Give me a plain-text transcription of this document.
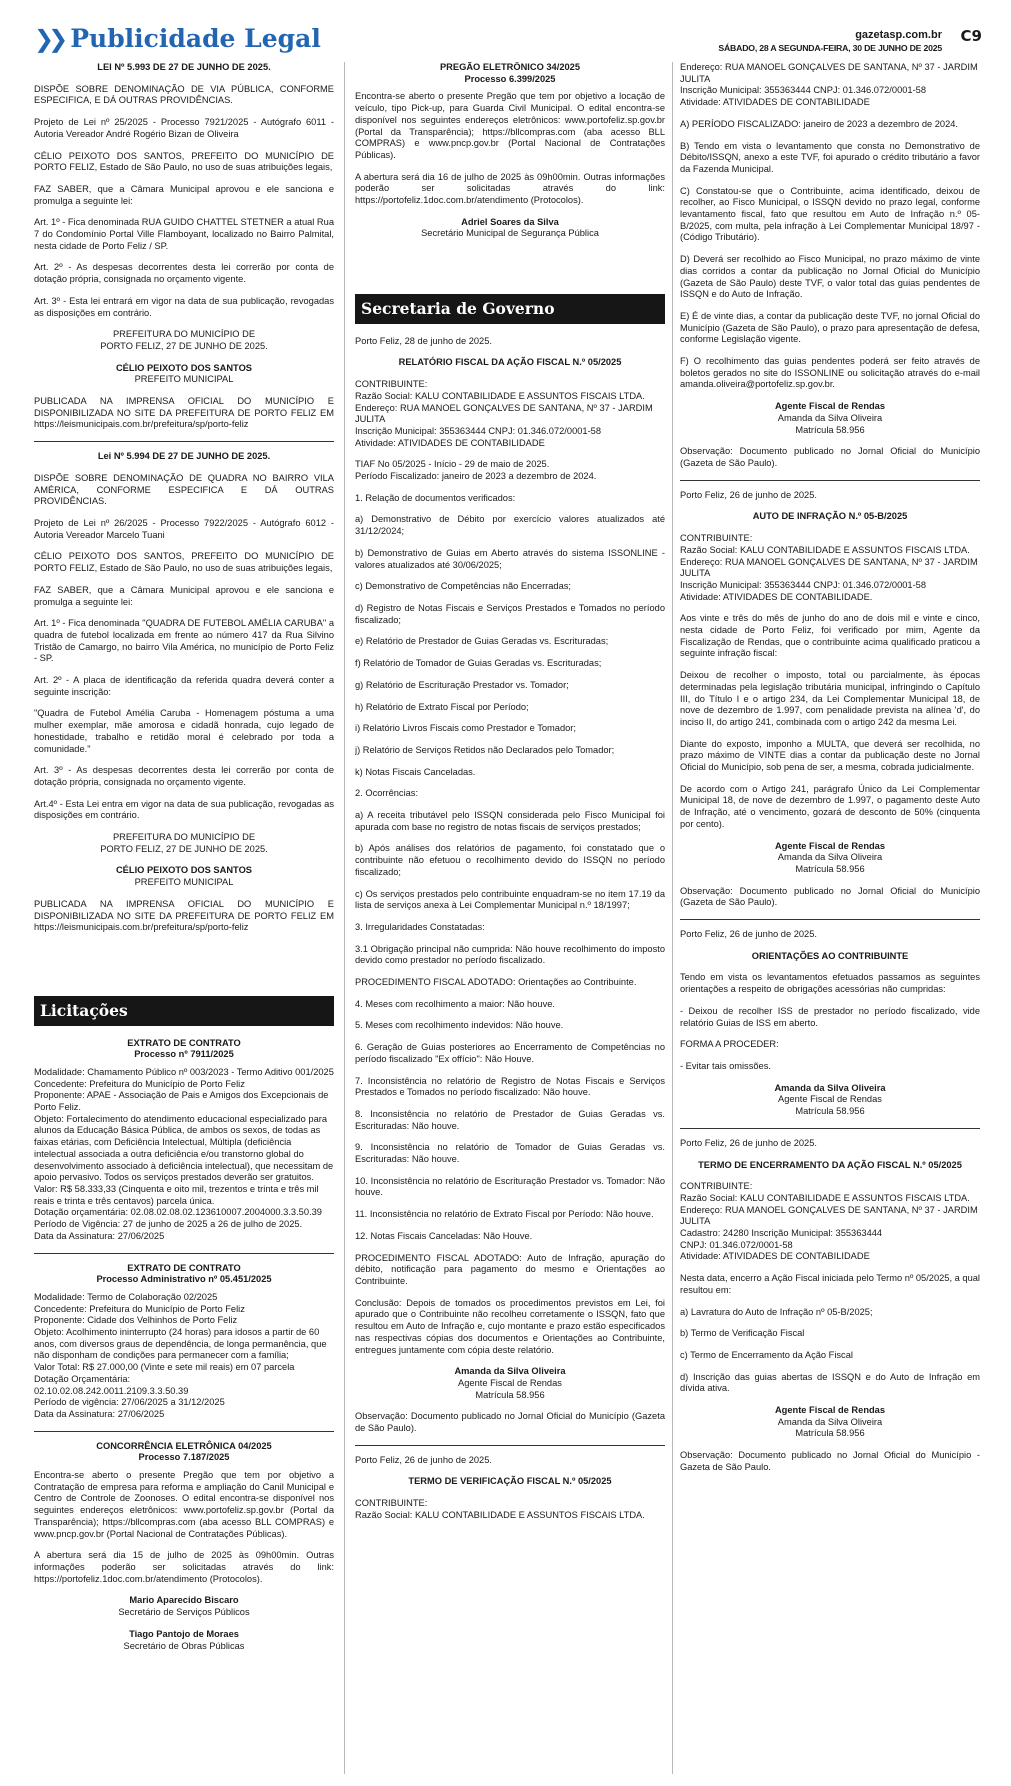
❯❯ Publicidade Legal	gazetasp.com.br
SÁBADO, 28 A SEGUNDA-FEIRA, 30 DE JUNHO DE 2025
C9
LEI Nº 5.993 DE 27 DE JUNHO DE 2025.

DISPÕE SOBRE DENOMINAÇÃO DE VIA PÚBLICA, CONFORME ESPECIFICA, E DÁ OUTRAS PROVIDÊNCIAS.

Projeto de Lei nº 25/2025 - Processo 7921/2025 - Autógrafo 6011 - Autoria Vereador André Rogério Bizan de Oliveira

CÉLIO PEIXOTO DOS SANTOS, PREFEITO DO MUNICÍPIO DE PORTO FELIZ, Estado de São Paulo, no uso de suas atribuições legais,

FAZ SABER, que a Câmara Municipal aprovou e ele sanciona e promulga a seguinte lei:

Art. 1º - Fica denominada RUA GUIDO CHATTEL STETNER a atual Rua 7 do Condomínio Portal Ville Flamboyant, localizado no Bairro Palmital, nesta cidade de Porto Feliz / SP.

Art. 2º - As despesas decorrentes desta lei correrão por conta de dotação própria, consignada no orçamento vigente.

Art. 3º - Esta lei entrará em vigor na data de sua publicação, revogadas as disposições em contrário.

PREFEITURA DO MUNICÍPIO DE
PORTO FELIZ, 27 DE JUNHO DE 2025.
CÉLIO PEIXOTO DOS SANTOS
PREFEITO MUNICIPAL

PUBLICADA NA IMPRENSA OFICIAL DO MUNICÍPIO E DISPONIBILIZADA NO SITE DA PREFEITURA DE PORTO FELIZ EM https://leismunicipais.com.br/prefeitura/sp/porto-feliz

Lei Nº 5.994 DE 27 DE JUNHO DE 2025.

DISPÕE SOBRE DENOMINAÇÃO DE QUADRA NO BAIRRO VILA AMÉRICA, CONFORME ESPECIFICA E DÁ OUTRAS PROVIDÊNCIAS.

Projeto de Lei nº 26/2025 - Processo 7922/2025 - Autógrafo 6012 - Autoria Vereador Marcelo Tuani

CÉLIO PEIXOTO DOS SANTOS, PREFEITO DO MUNICÍPIO DE PORTO FELIZ, Estado de São Paulo, no uso de suas atribuições legais,

FAZ SABER, que a Câmara Municipal aprovou e ele sanciona e promulga a seguinte lei:

Art. 1º - Fica denominada "QUADRA DE FUTEBOL AMÉLIA CARUBA" a quadra de futebol localizada em frente ao número 417 da Rua Silvino Tristão de Camargo, no bairro Vila América, no município de Porto Feliz - SP.

Art. 2º - A placa de identificação da referida quadra deverá conter a seguinte inscrição:

"Quadra de Futebol Amélia Caruba - Homenagem póstuma a uma mulher exemplar, mãe amorosa e cidadã honrada, cujo legado de honestidade, trabalho e retidão moral é celebrado por toda a comunidade."

Art. 3º - As despesas decorrentes desta lei correrão por conta de dotação própria, consignada no orçamento vigente.

Art.4º - Esta Lei entra em vigor na data de sua publicação, revogadas as disposições em contrário.

PREFEITURA DO MUNICÍPIO DE
PORTO FELIZ, 27 DE JUNHO DE 2025.
CÉLIO PEIXOTO DOS SANTOS
PREFEITO MUNICIPAL

PUBLICADA NA IMPRENSA OFICIAL DO MUNICÍPIO E DISPONIBILIZADA NO SITE DA PREFEITURA DE PORTO FELIZ EM https://leismunicipais.com.br/prefeitura/sp/porto-feliz

Licitações
EXTRATO DE CONTRATO
Processo nº 7911/2025

Modalidade: Chamamento Público nº 003/2023 - Termo Aditivo 001/2025
Concedente: Prefeitura do Município de Porto Feliz
Proponente: APAE - Associação de Pais e Amigos dos Excepcionais de Porto Feliz.
Objeto: Fortalecimento do atendimento educacional especializado para alunos da Educação Básica Pública, de ambos os sexos, de todas as faixas etárias, com Deficiência Intelectual, Múltipla (deficiência intelectual associada a outra deficiência e/ou transtorno global do desenvolvimento associado à deficiência intelectual), que necessitam de apoio pervasivo. Todos os serviços prestados deverão ser gratuitos.
Valor: R$ 58.333,33 (Cinquenta e oito mil, trezentos e trinta e três mil reais e trinta e três centavos) parcela única.
Dotação orçamentária: 02.08.02.08.02.123610007.2004000.3.3.50.39
Período de Vigência: 27 de junho de 2025 a 26 de julho de 2025.
Data da Assinatura: 27/06/2025

EXTRATO DE CONTRATO
Processo Administrativo nº 05.451/2025

Modalidade: Termo de Colaboração 02/2025
Concedente: Prefeitura do Município de Porto Feliz
Proponente: Cidade dos Velhinhos de Porto Feliz
Objeto: Acolhimento ininterrupto (24 horas) para idosos a partir de 60 anos, com diversos graus de dependência, de longa permanência, que não disponham de condições para permanecer com a família;
Valor Total: R$ 27.000,00 (Vinte e sete mil reais) em 07 parcela
Dotação Orçamentária:
02.10.02.08.242.0011.2109.3.3.50.39
Período de vigência: 27/06/2025 a 31/12/2025
Data da Assinatura: 27/06/2025

CONCORRÊNCIA ELETRÔNICA 04/2025
Processo 7.187/2025

Encontra-se aberto o presente Pregão que tem por objetivo a Contratação de empresa para reforma e ampliação do Canil Municipal e Centro de Controle de Zoonoses. O edital encontra-se disponível nos seguintes endereços eletrônicos: www.portofeliz.sp.gov.br (Portal da Transparência); https://bllcompras.com (aba acesso BLL COMPRAS) e www.pncp.gov.br (Portal Nacional de Contratações Públicas).

A abertura será dia 15 de julho de 2025 às 09h00min. Outras informações poderão ser solicitadas através do link: https://portofeliz.1doc.com.br/atendimento (Protocolos).

Mario Aparecido Biscaro
Secretário de Serviços Públicos
Tiago Pantojo de Moraes
Secretário de Obras Públicas
PREGÃO ELETRÔNICO 34/2025
Processo 6.399/2025

Encontra-se aberto o presente Pregão que tem por objetivo a locação de veículo, tipo Pick-up, para Guarda Civil Municipal. O edital encontra-se disponível nos seguintes endereços eletrônicos: www.portofeliz.sp.gov.br (Portal da Transparência); https://bllcompras.com (aba acesso BLL COMPRAS) e www.pncp.gov.br (Portal Nacional de Contratações Públicas).

A abertura será dia 16 de julho de 2025 às 09h00min. Outras informações poderão ser solicitadas através do link: https://portofeliz.1doc.com.br/atendimento (Protocolos).

Adriel Soares da Silva
Secretário Municipal de Segurança Pública
Secretaria de Governo

Porto Feliz, 28 de junho de 2025.

RELATÓRIO FISCAL DA AÇÃO FISCAL N.º 05/2025

CONTRIBUINTE:
Razão Social: KALU CONTABILIDADE E ASSUNTOS FISCAIS LTDA.
Endereço: RUA MANOEL GONÇALVES DE SANTANA, Nº 37 - JARDIM JULITA
Inscrição Municipal: 355363444 CNPJ: 01.346.072/0001-58
Atividade: ATIVIDADES DE CONTABILIDADE

TIAF No 05/2025 - Início - 29 de maio de 2025.
Período Fiscalizado: janeiro de 2023 a dezembro de 2024.

1. Relação de documentos verificados:

a) Demonstrativo de Débito por exercício valores atualizados até 31/12/2024;

b) Demonstrativo de Guias em Aberto através do sistema ISSONLINE - valores atualizados até 30/06/2025;

c) Demonstrativo de Competências não Encerradas;

d) Registro de Notas Fiscais e Serviços Prestados e Tomados no período fiscalizado;

e) Relatório de Prestador de Guias Geradas vs. Escrituradas;

f) Relatório de Tomador de Guias Geradas vs. Escrituradas;

g) Relatório de Escrituração Prestador vs. Tomador;

h) Relatório de Extrato Fiscal por Período;

i) Relatório Livros Fiscais como Prestador e Tomador;

j) Relatório de Serviços Retidos não Declarados pelo Tomador;

k) Notas Fiscais Canceladas.

2. Ocorrências:

a) A receita tributável pelo ISSQN considerada pelo Fisco Municipal foi apurada com base no registro de notas fiscais de serviços prestados;

b) Após análises dos relatórios de pagamento, foi constatado que o contribuinte não efetuou o recolhimento devido do ISSQN no período fiscalizado;

c) Os serviços prestados pelo contribuinte enquadram-se no item 17.19 da lista de serviços anexa à Lei Complementar Municipal n.º 18/1997;

3. Irregularidades Constatadas:

3.1 Obrigação principal não cumprida: Não houve recolhimento do imposto devido como prestador no período fiscalizado.

PROCEDIMENTO FISCAL ADOTADO: Orientações ao Contribuinte.

4. Meses com recolhimento a maior: Não houve.

5. Meses com recolhimento indevidos: Não houve.

6. Geração de Guias posteriores ao Encerramento de Competências no período fiscalizado "Ex offício": Não Houve.

7. Inconsistência no relatório de Registro de Notas Fiscais e Serviços Prestados e Tomados no período fiscalizado: Não houve.

8. Inconsistência no relatório de Prestador de Guias Geradas vs. Escrituradas: Não houve.

9. Inconsistência no relatório de Tomador de Guias Geradas vs. Escrituradas: Não houve.

10. Inconsistência no relatório de Escrituração Prestador vs. Tomador: Não houve.

11. Inconsistência no relatório de Extrato Fiscal por Período: Não houve.

12. Notas Fiscais Canceladas: Não Houve.

PROCEDIMENTO FISCAL ADOTADO: Auto de Infração, apuração do débito, notificação para pagamento do mesmo e Orientações ao Contribuinte.

Conclusão: Depois de tomados os procedimentos previstos em Lei, foi apurado que o Contribuinte não recolheu corretamente o ISSQN, fato que resultou em Auto de Infração e, cujo montante e prazo estão especificados nas respectivas cópias dos documentos e Orientações ao Contribuinte, entregues juntamente com cópia deste relatório.

Amanda da Silva Oliveira
Agente Fiscal de Rendas
Matrícula 58.956

Observação: Documento publicado no Jornal Oficial do Município (Gazeta de São Paulo).

Porto Feliz, 26 de junho de 2025.

TERMO DE VERIFICAÇÃO FISCAL N.º 05/2025

CONTRIBUINTE:
Razão Social: KALU CONTABILIDADE E ASSUNTOS FISCAIS LTDA.

Endereço: RUA MANOEL GONÇALVES DE SANTANA, Nº 37 - JARDIM JULITA
Inscrição Municipal: 355363444 CNPJ: 01.346.072/0001-58
Atividade: ATIVIDADES DE CONTABILIDADE

A) PERÍODO FISCALIZADO: janeiro de 2023 a dezembro de 2024.

B) Tendo em vista o levantamento que consta no Demonstrativo de Débito/ISSQN, anexo a este TVF, foi apurado o crédito tributário a favor da Fazenda Municipal.

C) Constatou-se que o Contribuinte, acima identificado, deixou de recolher, ao Fisco Municipal, o ISSQN devido no prazo legal, conforme levantamento fiscal, fato que resultou em Auto de Infração n.º 05-B/2025, com multa, pela infração à Lei Complementar Municipal 18/97 - (Código Tributário).

D) Deverá ser recolhido ao Fisco Municipal, no prazo máximo de vinte dias corridos a contar da publicação no Jornal Oficial do Município (Gazeta de São Paulo) deste TVF, o valor total das guias pendentes de ISSQN e do Auto de Infração.

E) É de vinte dias, a contar da publicação deste TVF, no jornal Oficial do Município (Gazeta de São Paulo), o prazo para apresentação de defesa, conforme Legislação vigente.

F) O recolhimento das guias pendentes poderá ser feito através de boletos gerados no site do ISSONLINE ou solicitação através do e-mail amanda.oliveira@portofeliz.sp.gov.br.

Agente Fiscal de Rendas
Amanda da Silva Oliveira
Matrícula 58.956

Observação: Documento publicado no Jornal Oficial do Município (Gazeta de São Paulo).

Porto Feliz, 26 de junho de 2025.

AUTO DE INFRAÇÃO N.º 05-B/2025

CONTRIBUINTE:
Razão Social: KALU CONTABILIDADE E ASSUNTOS FISCAIS LTDA.
Endereço: RUA MANOEL GONÇALVES DE SANTANA, Nº 37 - JARDIM JULITA
Inscrição Municipal: 355363444 CNPJ: 01.346.072/0001-58
Atividade: ATIVIDADES DE CONTABILIDADE.

Aos vinte e três do mês de junho do ano de dois mil e vinte e cinco, nesta cidade de Porto Feliz, foi verificado por mim, Agente da Fiscalização de Rendas, que o contribuinte acima qualificado praticou a seguinte infração fiscal:

Deixou de recolher o imposto, total ou parcialmente, às épocas determinadas pela legislação tributária municipal, infringindo o Capítulo III, do Título I e o artigo 234, da Lei Complementar Municipal 18, de nove de dezembro de 1.997, com penalidade prevista na alínea 'd', do inciso II, do artigo 241, combinada com o artigo 242 da mesma Lei.

Diante do exposto, imponho a MULTA, que deverá ser recolhida, no prazo máximo de VINTE dias a contar da publicação deste no Jornal Oficial do Município, sob pena de ser, a mesma, cobrada judicialmente.

De acordo com o Artigo 241, parágrafo Único da Lei Complementar Municipal 18, de nove de dezembro de 1.997, o pagamento deste Auto de Infração, até o vencimento, gozará de desconto de 50% (cinquenta por cento).

Agente Fiscal de Rendas
Amanda da Silva Oliveira
Matrícula 58.956

Observação: Documento publicado no Jornal Oficial do Município (Gazeta de São Paulo).

Porto Feliz, 26 de junho de 2025.

ORIENTAÇÕES AO CONTRIBUINTE

Tendo em vista os levantamentos efetuados passamos as seguintes orientações a respeito de obrigações acessórias não cumpridas:

- Deixou de recolher ISS de prestador no período fiscalizado, vide relatório Guias de ISS em aberto.

FORMA A PROCEDER:

- Evitar tais omissões.

Amanda da Silva Oliveira
Agente Fiscal de Rendas
Matrícula 58.956

Porto Feliz, 26 de junho de 2025.

TERMO DE ENCERRAMENTO DA AÇÃO FISCAL N.º 05/2025

CONTRIBUINTE:
Razão Social: KALU CONTABILIDADE E ASSUNTOS FISCAIS LTDA.
Endereço: RUA MANOEL GONÇALVES DE SANTANA, Nº 37 - JARDIM JULITA
Cadastro: 24280 Inscrição Municipal: 355363444
CNPJ: 01.346.072/0001-58
Atividade: ATIVIDADES DE CONTABILIDADE

Nesta data, encerro a Ação Fiscal iniciada pelo Termo nº 05/2025, a qual resultou em:

a) Lavratura do Auto de Infração nº 05-B/2025;

b) Termo de Verificação Fiscal

c) Termo de Encerramento da Ação Fiscal

d) Inscrição das guias abertas de ISSQN e do Auto de Infração em dívida ativa.

Agente Fiscal de Rendas
Amanda da Silva Oliveira
Matrícula 58.956

Observação: Documento publicado no Jornal Oficial do Município - Gazeta de São Paulo.
